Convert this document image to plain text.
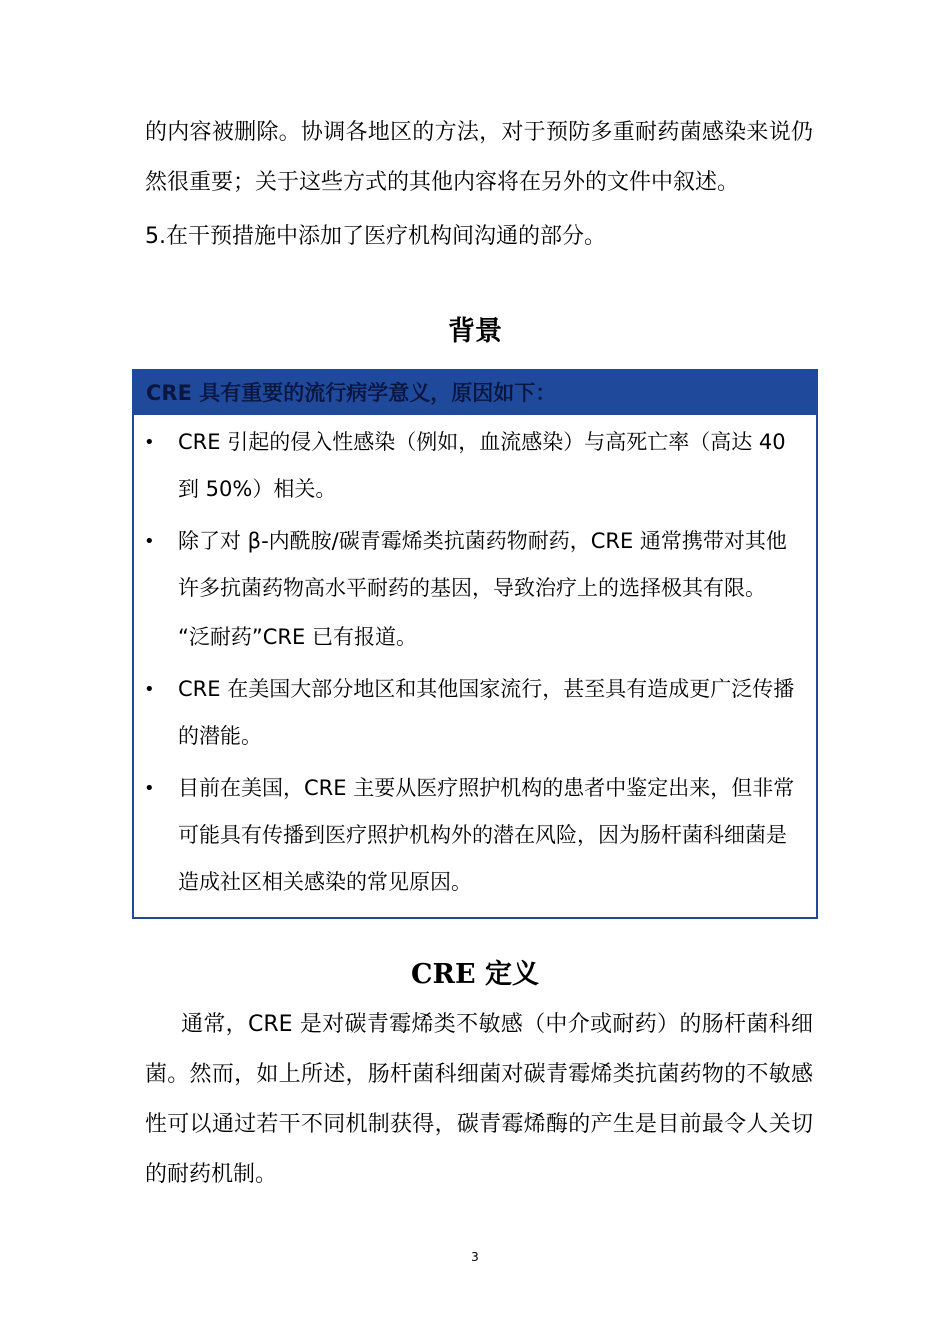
的内容被删除。协调各地区的方法，对于预防多重耐药菌感染来说仍然很重要；关于这些方式的其他内容将在另外的文件中叙述。

5.在干预措施中添加了医疗机构间沟通的部分。

背景
CRE 具有重要的流行病学意义，原因如下：
• CRE 引起的侵入性感染（例如，血流感染）与高死亡率（高达 40 到 50%）相关。
• 除了对 β-内酰胺/碳青霉烯类抗菌药物耐药，CRE 通常携带对其他许多抗菌药物高水平耐药的基因，导致治疗上的选择极其有限。
“泛耐药”CRE 已有报道。
• CRE 在美国大部分地区和其他国家流行，甚至具有造成更广泛传播的潜能。
• 目前在美国，CRE 主要从医疗照护机构的患者中鉴定出来，但非常可能具有传播到医疗照护机构外的潜在风险，因为肠杆菌科细菌是造成社区相关感染的常见原因。
CRE 定义

通常，CRE 是对碳青霉烯类不敏感（中介或耐药）的肠杆菌科细菌。然而，如上所述，肠杆菌科细菌对碳青霉烯类抗菌药物的不敏感性可以通过若干不同机制获得，碳青霉烯酶的产生是目前最令人关切的耐药机制。

3
